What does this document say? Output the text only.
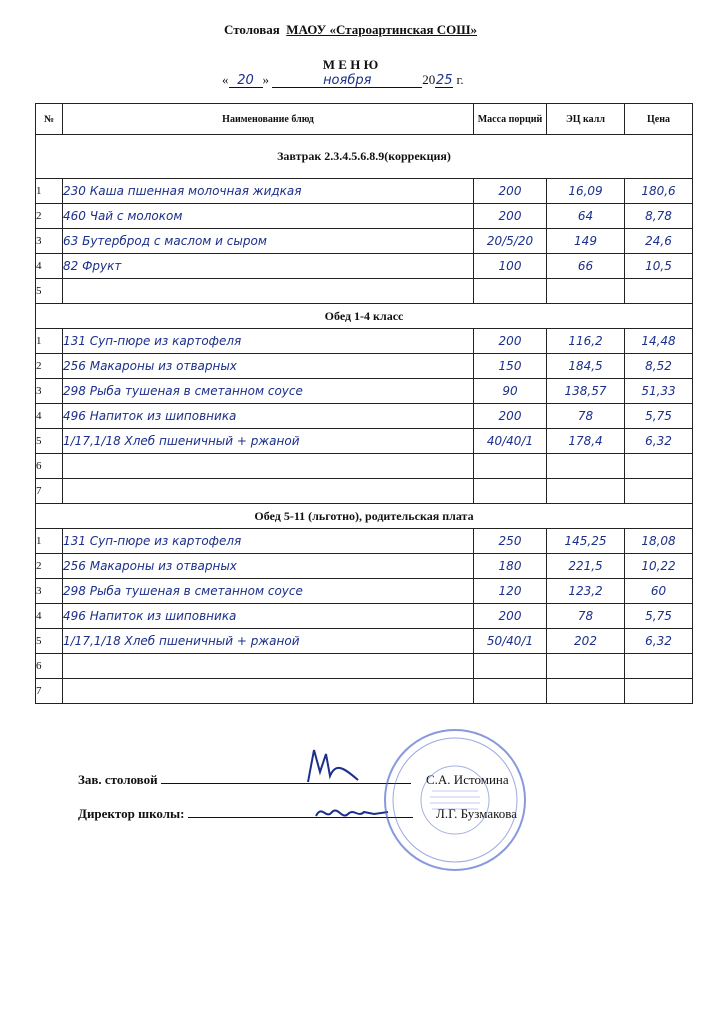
Столовая МАОУ «Староартинская СОШ»
М Е Н Ю
« 20 »	ноября	2025 г.
№	Наименование блюд	Масса порций	ЭЦ калл	Цена
Завтрак 2.3.4.5.6.8.9(коррекция)				
1	230 Каша пшенная молочная жидкая	200	16,09	180,6
2	460 Чай с молоком	200	64	8,78
3	63 Бутерброд с маслом и сыром	20/5/20	149	24,6
4	82 Фрукт	100	66	10,5
5				
Обед 1-4 класс				
1	131 Суп-пюре из картофеля	200	116,2	14,48
2	256 Макароны из отварных	150	184,5	8,52
3	298 Рыба тушеная в сметанном соусе	90	138,57	51,33
4	496 Напиток из шиповника	200	78	5,75
5	1/17,1/18 Хлеб пшеничный + ржаной	40/40/1	178,4	6,32
6				
7				
Обед 5-11 (льготно), родительская плата				
1	131 Суп-пюре из картофеля	250	145,25	18,08
2	256 Макароны из отварных	180	221,5	10,22
3	298 Рыба тушеная в сметанном соусе	120	123,2	60
4	496 Напиток из шиповника	200	78	5,75
5	1/17,1/18 Хлеб пшеничный + ржаной	50/40/1	202	6,32
6				
7				
Зав. столовой	С.А. Истомина
Директор школы:	Л.Г. Бузмакова
